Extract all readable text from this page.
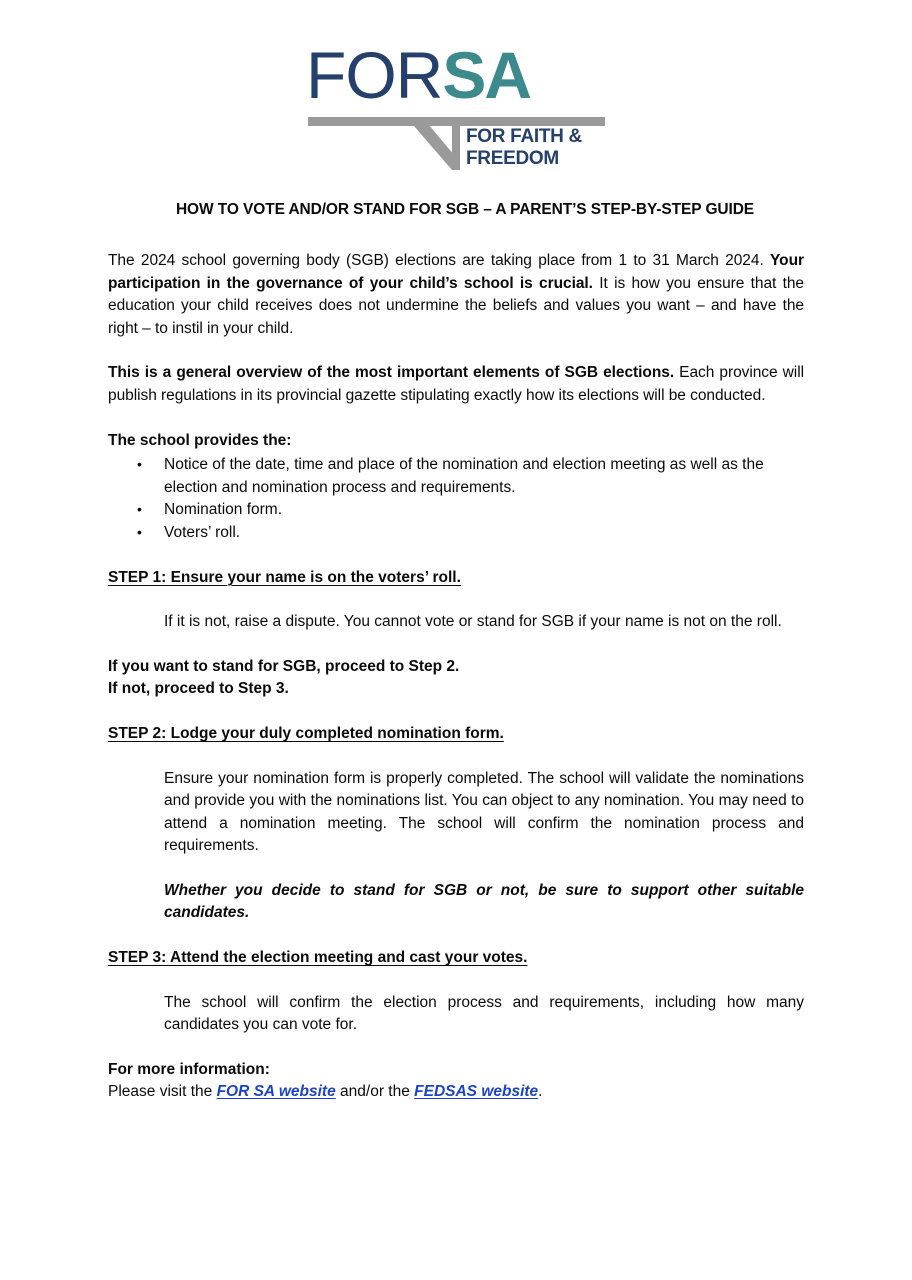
FORSA
FOR FAITH &
FREEDOM
HOW TO VOTE AND/OR STAND FOR SGB – A PARENT’S STEP-BY-STEP GUIDE

The 2024 school governing body (SGB) elections are taking place from 1 to 31 March 2024. Your participation in the governance of your child’s school is crucial. It is how you ensure that the education your child receives does not undermine the beliefs and values you want – and have the right – to instil in your child.

This is a general overview of the most important elements of SGB elections. Each province will publish regulations in its provincial gazette stipulating exactly how its elections will be conducted.

The school provides the:
• Notice of the date, time and place of the nomination and election meeting as well as the election and nomination process and requirements.
• Nomination form.
• Voters’ roll.
STEP 1: Ensure your name is on the voters’ roll.

If it is not, raise a dispute. You cannot vote or stand for SGB if your name is not on the roll.

If you want to stand for SGB, proceed to Step 2.
If not, proceed to Step 3.
STEP 2: Lodge your duly completed nomination form.

Ensure your nomination form is properly completed. The school will validate the nominations and provide you with the nominations list. You can object to any nomination. You may need to attend a nomination meeting. The school will confirm the nomination process and requirements.

Whether you decide to stand for SGB or not, be sure to support other suitable candidates.

STEP 3: Attend the election meeting and cast your votes.

The school will confirm the election process and requirements, including how many candidates you can vote for.

For more information:
Please visit the FOR SA website and/or the FEDSAS website.
